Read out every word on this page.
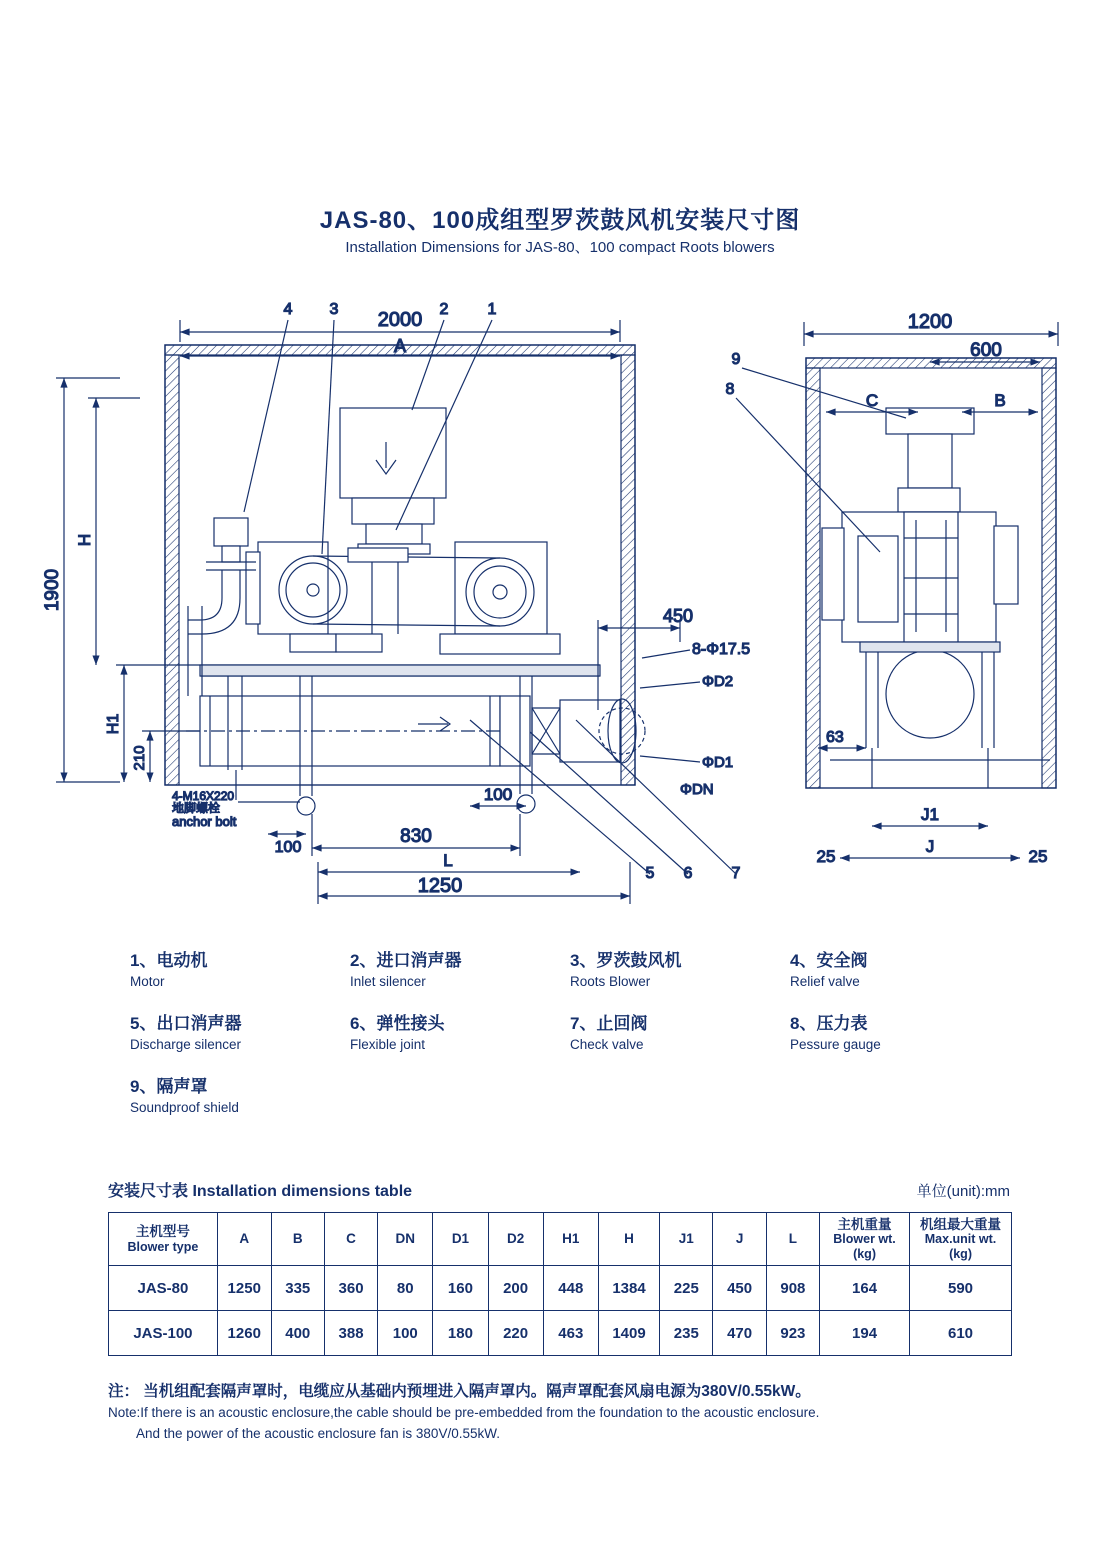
JAS-80、100成组型罗茨鼓风机安装尺寸图
Installation Dimensions for JAS-80、100 compact Roots blowers
2000
A
1900
H
H1
210
450
8-Φ17.5
ΦD2
ΦD1
ΦDN
100
100
830
L
1250
4-M16X220
地脚螺栓
anchor bolt
4 3	2 1
5 6 7
1200
600
C	B
63
J1
J
25	25
9
8
1、电动机
Motor
2、进口消声器
Inlet silencer
3、罗茨鼓风机
Roots Blower
4、安全阀
Relief valve
5、出口消声器
Discharge silencer
6、弹性接头
Flexible joint
7、止回阀
Check valve
8、压力表
Pessure gauge
9、隔声罩
Soundproof shield
安装尺寸表 Installation dimensions table	单位(unit):mm
主机型号
Blower type	A	B	C	DN	D1	D2	H1	H	J1	J	L	主机重量
Blower wt.
(kg)	机组最大重量
Max.unit wt.
(kg)

JAS-80	1250	335	360	80	160	200	448	1384	225	450	908	164	590
JAS-100	1260	400	388	100	180	220	463	1409	235	470	923	194	610
注： 当机组配套隔声罩时，电缆应从基础内预埋进入隔声罩内。隔声罩配套风扇电源为380V/0.55kW。
Note:If there is an acoustic enclosure,the cable should be pre-embedded from the foundation to the acoustic enclosure.
And the power of the acoustic enclosure fan is 380V/0.55kW.
